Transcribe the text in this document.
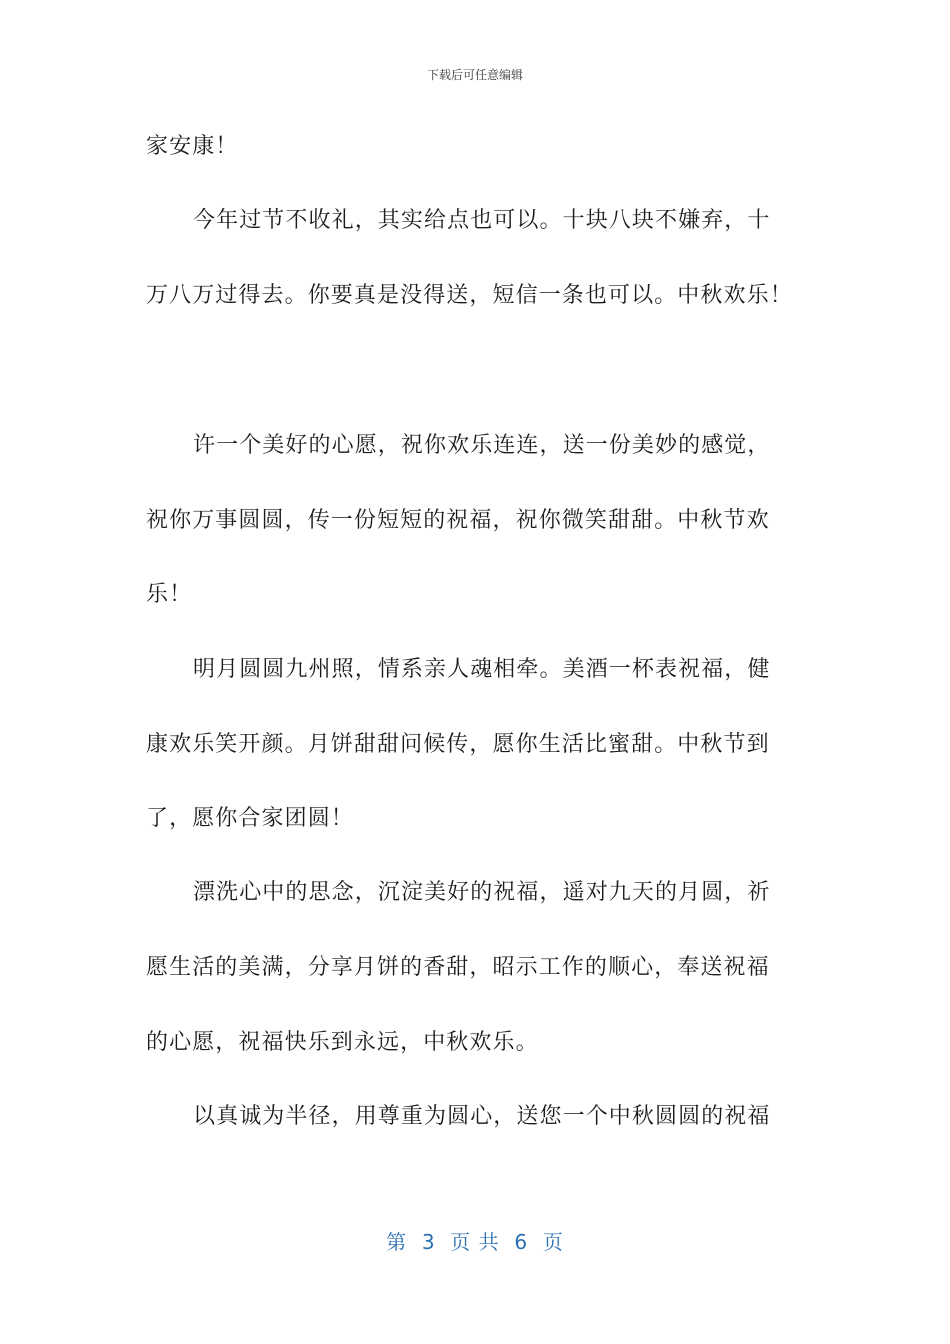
下载后可任意编辑
家安康！
今年过节不收礼，其实给点也可以。十块八块不嫌弃，十
万八万过得去。你要真是没得送，短信一条也可以。中秋欢乐！
许一个美好的心愿，祝你欢乐连连，送一份美妙的感觉，
祝你万事圆圆，传一份短短的祝福，祝你微笑甜甜。中秋节欢
乐！
明月圆圆九州照，情系亲人魂相牵。美酒一杯表祝福，健
康欢乐笑开颜。月饼甜甜问候传，愿你生活比蜜甜。中秋节到
了，愿你合家团圆！
漂洗心中的思念，沉淀美好的祝福，遥对九天的月圆，祈
愿生活的美满，分享月饼的香甜，昭示工作的顺心，奉送祝福
的心愿，祝福快乐到永远，中秋欢乐。
以真诚为半径，用尊重为圆心，送您一个中秋圆圆的祝福
第  3  页 共  6  页
